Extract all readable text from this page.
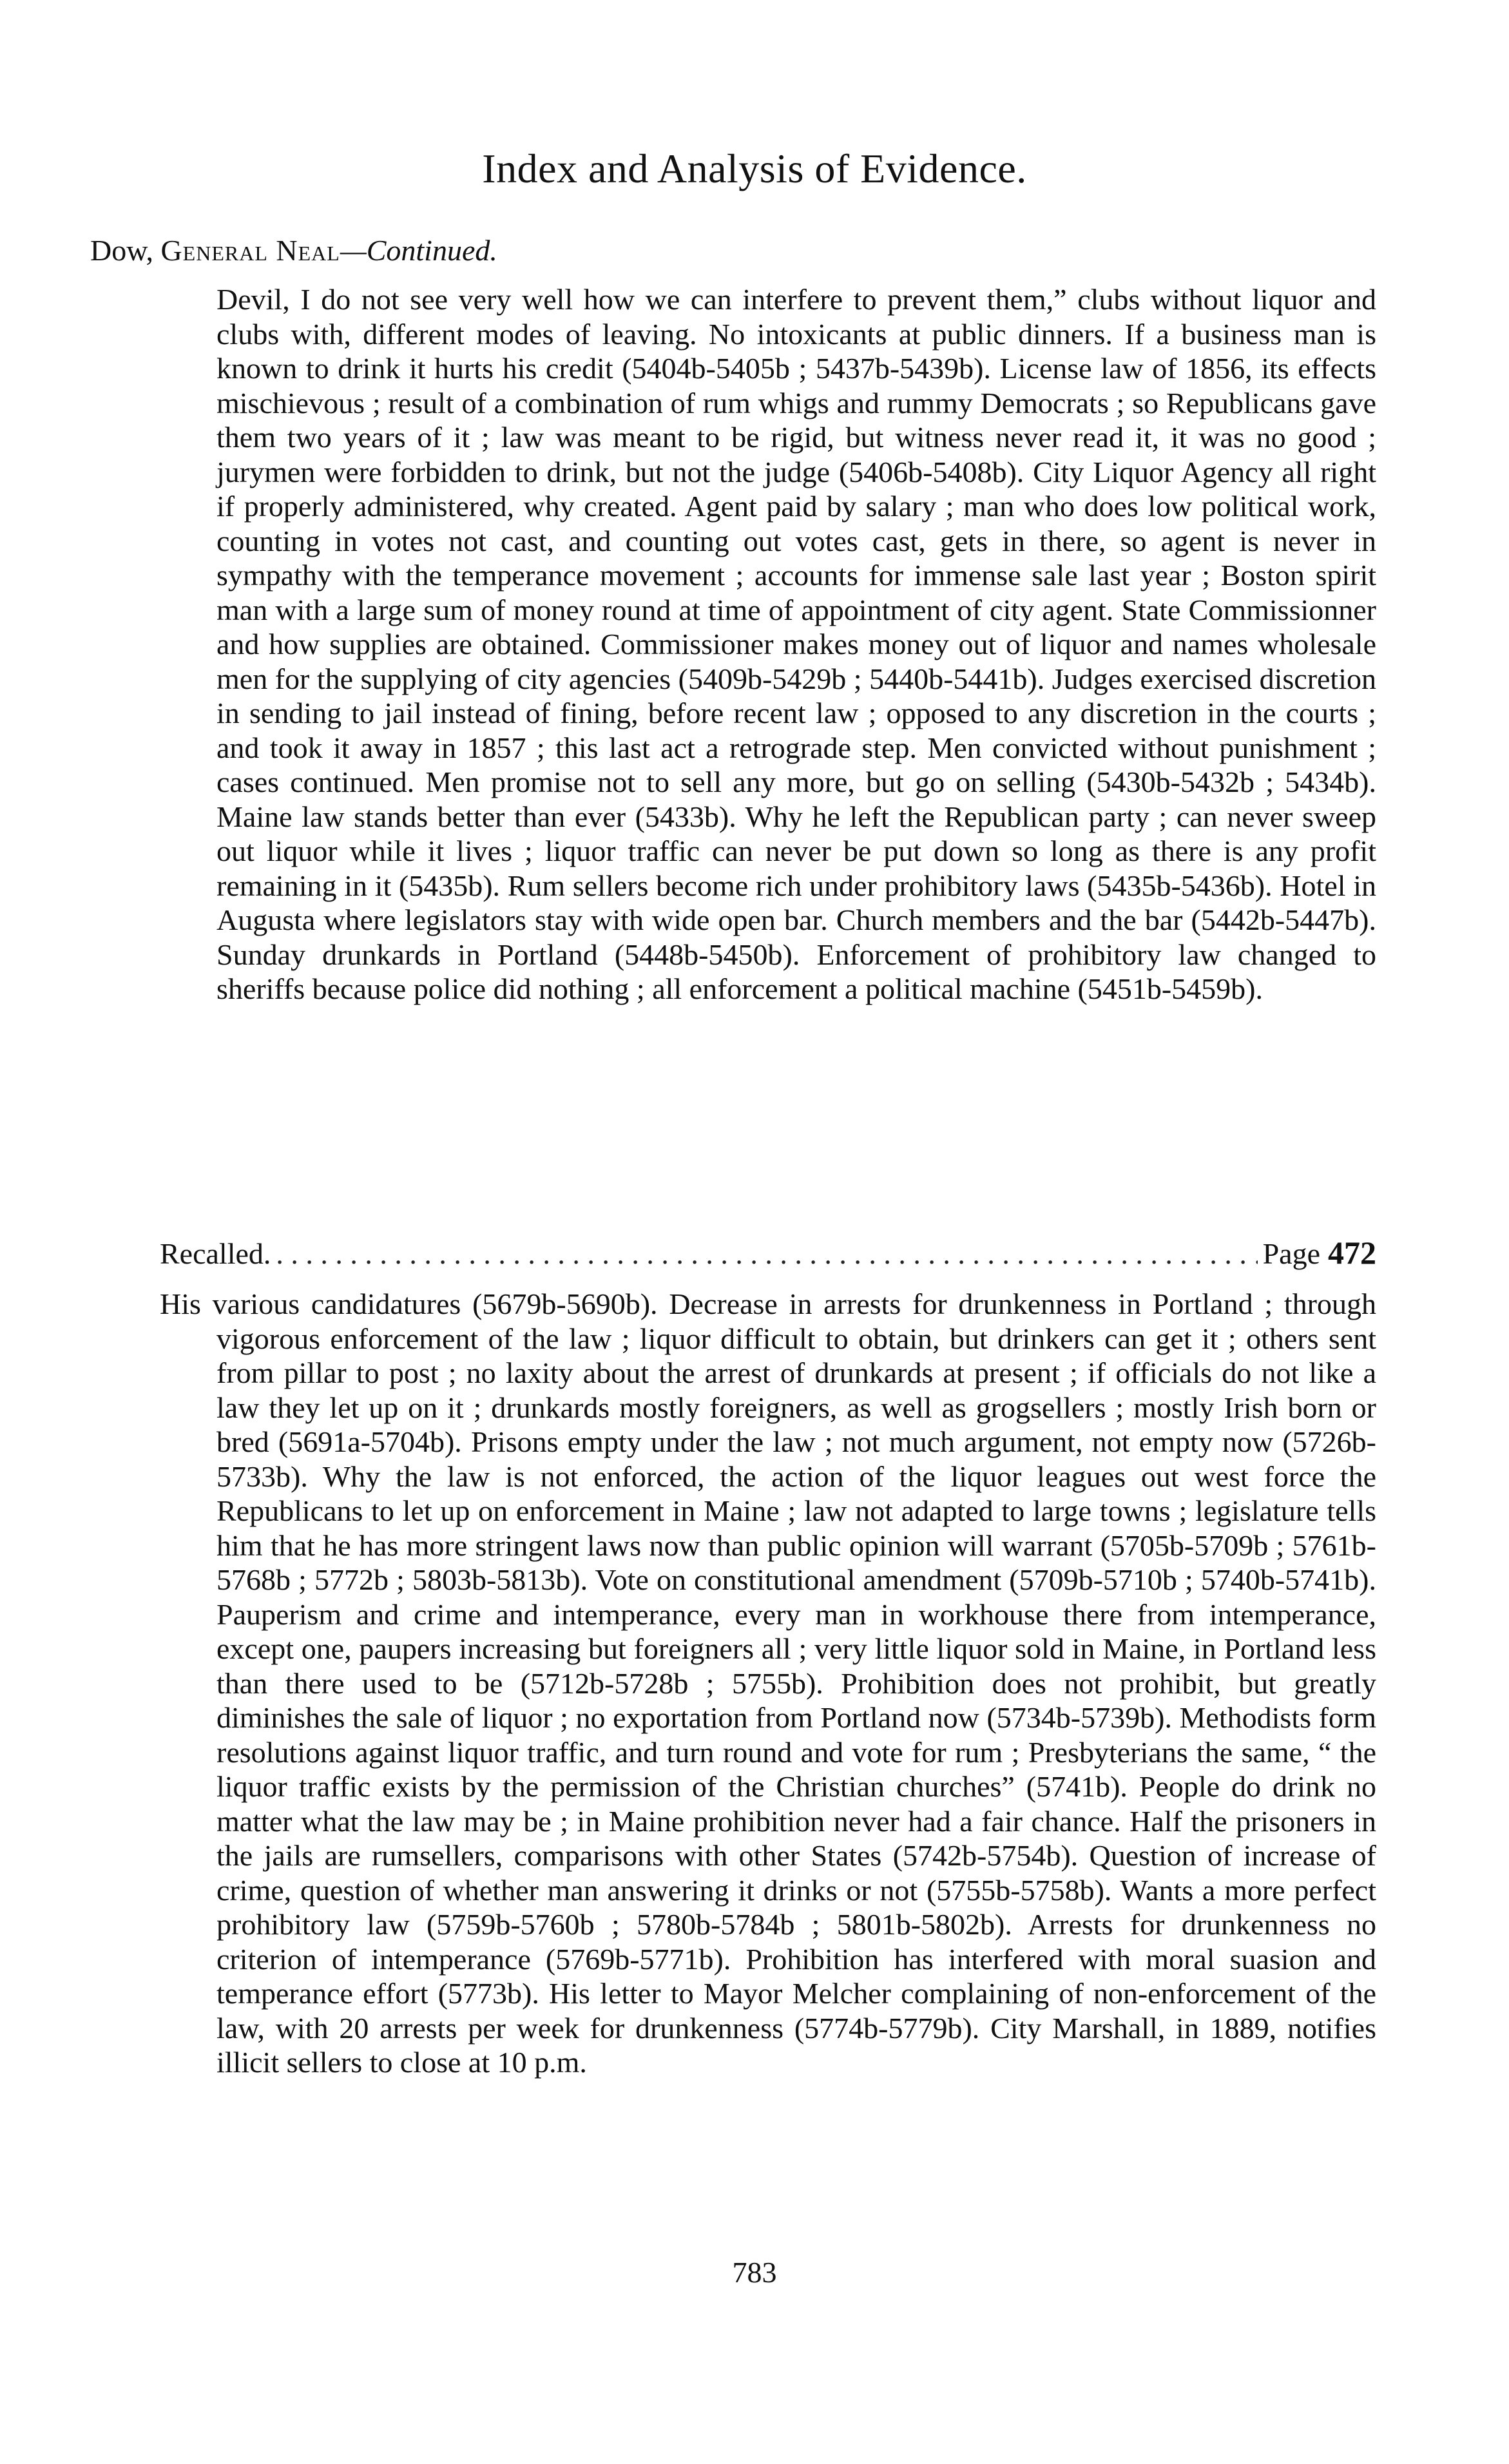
Index and Analysis of Evidence.
Dow, General Neal—Continued.
Devil, I do not see very well how we can interfere to prevent them,” clubs without liquor and clubs with, different modes of leaving. No intoxicants at public dinners. If a business man is known to drink it hurts his credit (5404b-5405b ; 5437b-5439b). License law of 1856, its effects mischievous ; result of a combination of rum whigs and rummy Democrats ; so Republicans gave them two years of it ; law was meant to be rigid, but witness never read it, it was no good ; jurymen were forbidden to drink, but not the judge (5406b-5408b). City Liquor Agency all right if properly administered, why created. Agent paid by salary ; man who does low political work, counting in votes not cast, and counting out votes cast, gets in there, so agent is never in sympathy with the temperance movement ; accounts for immense sale last year ; Boston spirit man with a large sum of money round at time of appointment of city agent. State Commissionner and how supplies are obtained. Commissioner makes money out of liquor and names wholesale men for the supplying of city agencies (5409b-5429b ; 5440b-5441b). Judges exercised discretion in sending to jail instead of fining, before recent law ; opposed to any discretion in the courts ; and took it away in 1857 ; this last act a retrograde step. Men convicted without punishment ; cases continued. Men promise not to sell any more, but go on selling (5430b-5432b ; 5434b). Maine law stands better than ever (5433b). Why he left the Republican party ; can never sweep out liquor while it lives ; liquor traffic can never be put down so long as there is any profit remaining in it (5435b). Rum sellers become rich under prohibitory laws (5435b-5436b). Hotel in Augusta where legislators stay with wide open bar. Church members and the bar (5442b-5447b). Sunday drunkards in Portland (5448b-5450b). Enforcement of prohibitory law changed to sheriffs because police did nothing ; all enforcement a political machine (5451b-5459b).
Recalled.
. . .	Page 472
His various candidatures (5679b-5690b). Decrease in arrests for drunkenness in Portland ; through vigorous enforcement of the law ; liquor difficult to obtain, but drinkers can get it ; others sent from pillar to post ; no laxity about the arrest of drunkards at present ; if officials do not like a law they let up on it ; drunkards mostly foreigners, as well as grogsellers ; mostly Irish born or bred (5691a-5704b). Prisons empty under the law ; not much argument, not empty now (5726b-5733b). Why the law is not enforced, the action of the liquor leagues out west force the Republicans to let up on enforcement in Maine ; law not adapted to large towns ; legislature tells him that he has more stringent laws now than public opinion will warrant (5705b-5709b ; 5761b-5768b ; 5772b ; 5803b-5813b). Vote on constitutional amendment (5709b-5710b ; 5740b-5741b). Pauperism and crime and intemperance, every man in workhouse there from intemperance, except one, paupers increasing but foreigners all ; very little liquor sold in Maine, in Portland less than there used to be (5712b-5728b ; 5755b). Prohibition does not prohibit, but greatly diminishes the sale of liquor ; no exportation from Portland now (5734b-5739b). Methodists form resolutions against liquor traffic, and turn round and vote for rum ; Presbyterians the same, “ the liquor traffic exists by the permission of the Christian churches” (5741b). People do drink no matter what the law may be ; in Maine prohibition never had a fair chance. Half the prisoners in the jails are rumsellers, comparisons with other States (5742b-5754b). Question of increase of crime, question of whether man answering it drinks or not (5755b-5758b). Wants a more perfect prohibitory law (5759b-5760b ; 5780b-5784b ; 5801b-5802b). Arrests for drunkenness no criterion of intemperance (5769b-5771b). Prohibition has interfered with moral suasion and temperance effort (5773b). His letter to Mayor Melcher complaining of non-enforcement of the law, with 20 arrests per week for drunkenness (5774b-5779b). City Marshall, in 1889, notifies illicit sellers to close at 10 p.m.
783
